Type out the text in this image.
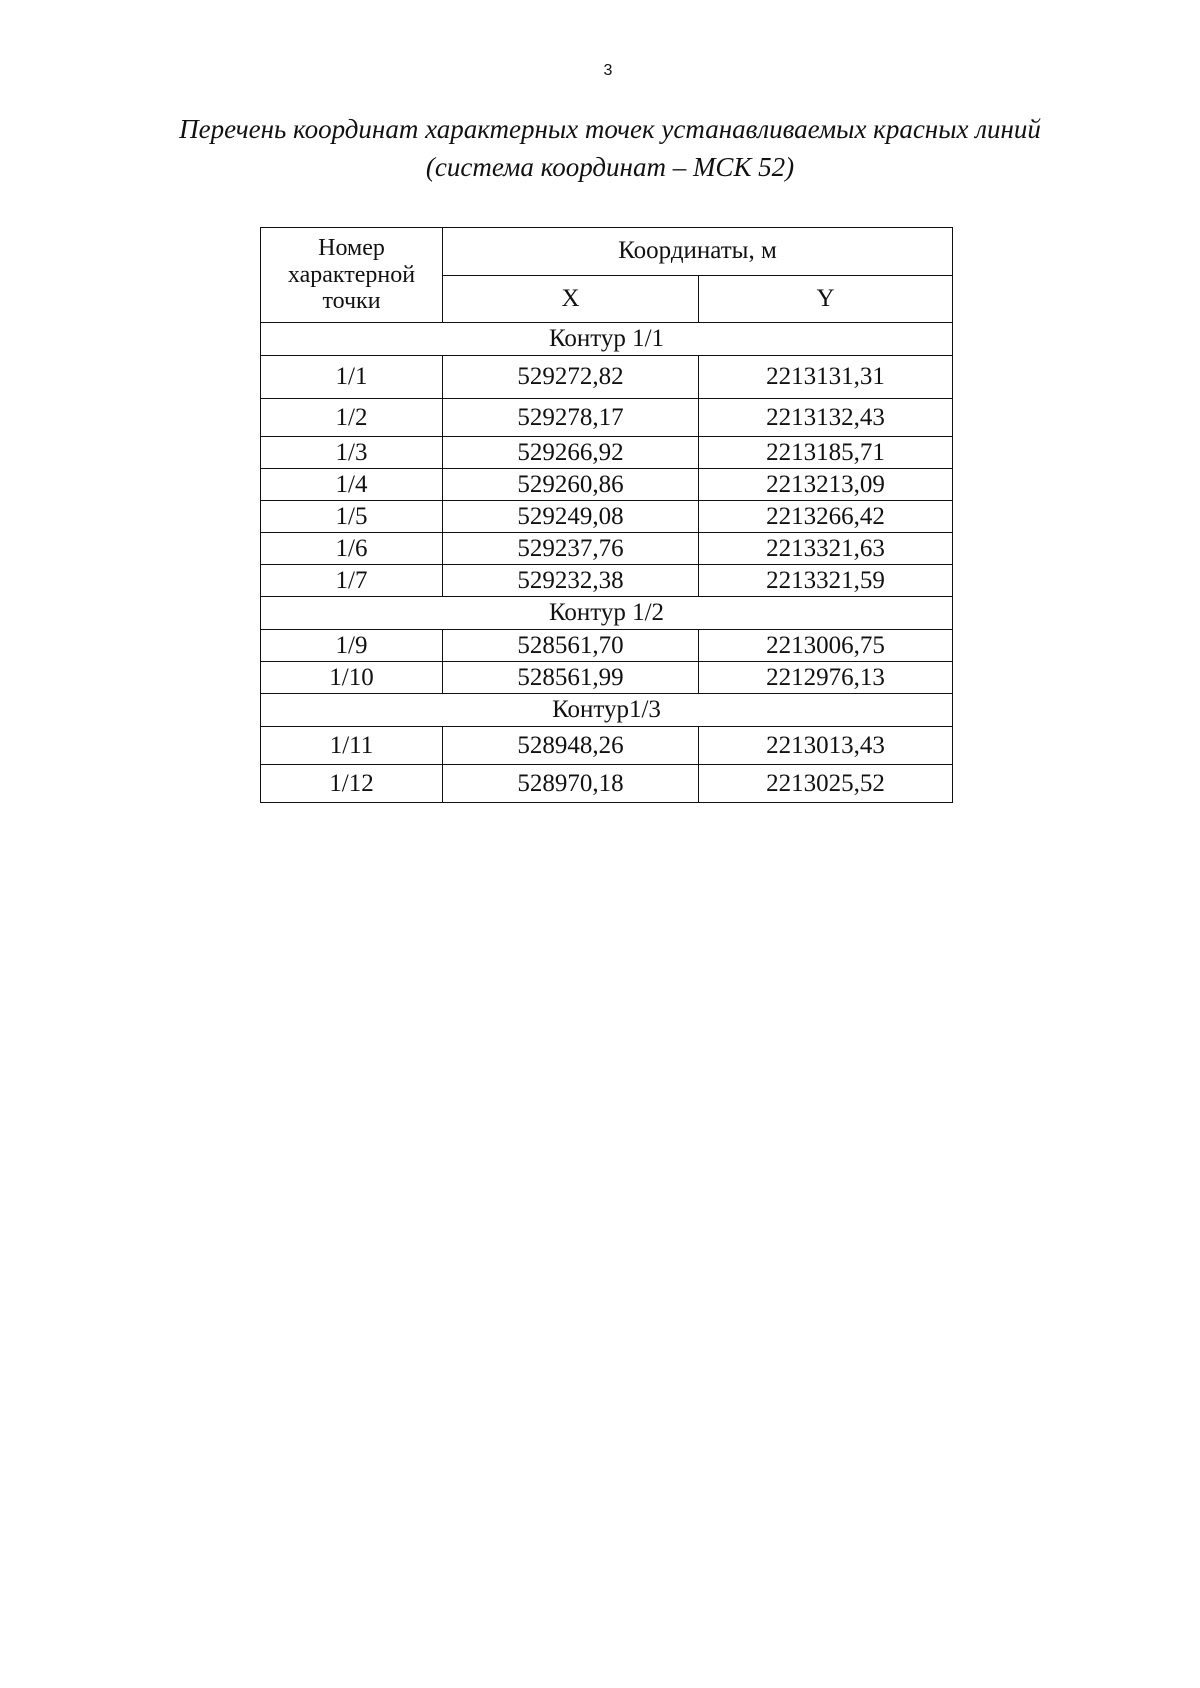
3
Перечень координат характерных точек устанавливаемых красных линий
(система координат – МСК 52)
Номер характерной точки	Координаты, м	
	X	Y
Контур 1/1		
1/1	529272,82	2213131,31
1/2	529278,17	2213132,43
1/3	529266,92	2213185,71
1/4	529260,86	2213213,09
1/5	529249,08	2213266,42
1/6	529237,76	2213321,63
1/7	529232,38	2213321,59
Контур 1/2		
1/9	528561,70	2213006,75
1/10	528561,99	2212976,13
Контур1/3		
1/11	528948,26	2213013,43
1/12	528970,18	2213025,52
